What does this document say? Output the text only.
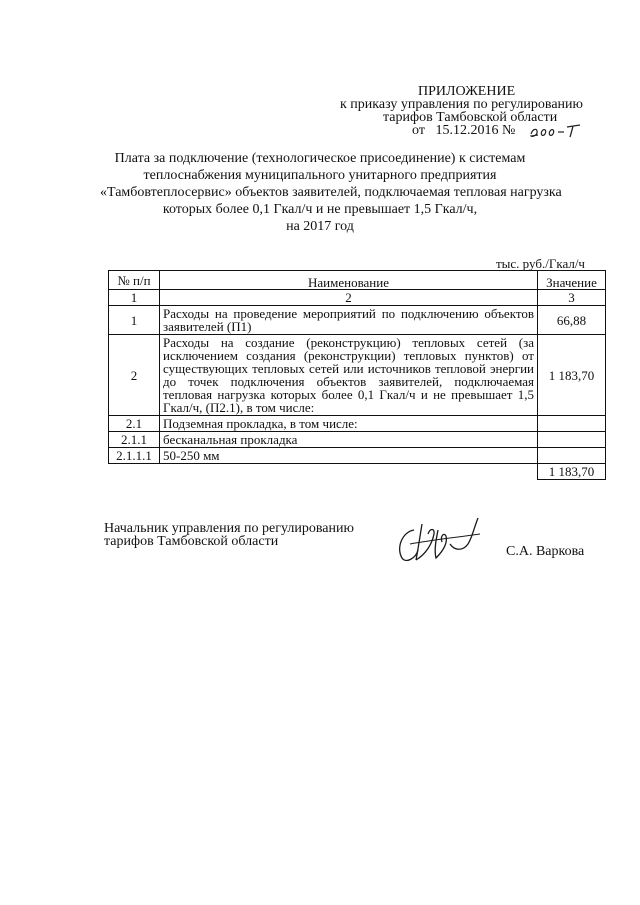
ПРИЛОЖЕНИЕ
к приказу управления по регулированию
тарифов Тамбовской области
от 15.12.2016 №
Плата за подключение (технологическое присоединение) к системам
теплоснабжения муниципального унитарного предприятия
«Тамбовтеплосервис» объектов заявителей, подключаемая тепловая нагрузка
которых более 0,1 Гкал/ч и не превышает 1,5 Гкал/ч,
на 2017 год
тыс. руб./Гкал/ч
№ п/п	Наименование	Значение
1	2	3
1	Расходы на проведение мероприятий по подключению объектов заявителей (П1)	66,88
2	Расходы на создание (реконструкцию) тепловых сетей (за исключением создания (реконструкции) тепловых пунктов) от существующих тепловых сетей или источников тепловой энергии до точек подключения объектов заявителей, подключаемая тепловая нагрузка которых более 0,1 Гкал/ч и не превышает 1,5 Гкал/ч, (П2.1), в том числе:	1 183,70
2.1	Подземная прокладка, в том числе:	
2.1.1	бесканальная прокладка	
2.1.1.1	50-250 мм	
		1 183,70
Начальник управления по регулированию
тарифов Тамбовской области
С.А. Варкова
